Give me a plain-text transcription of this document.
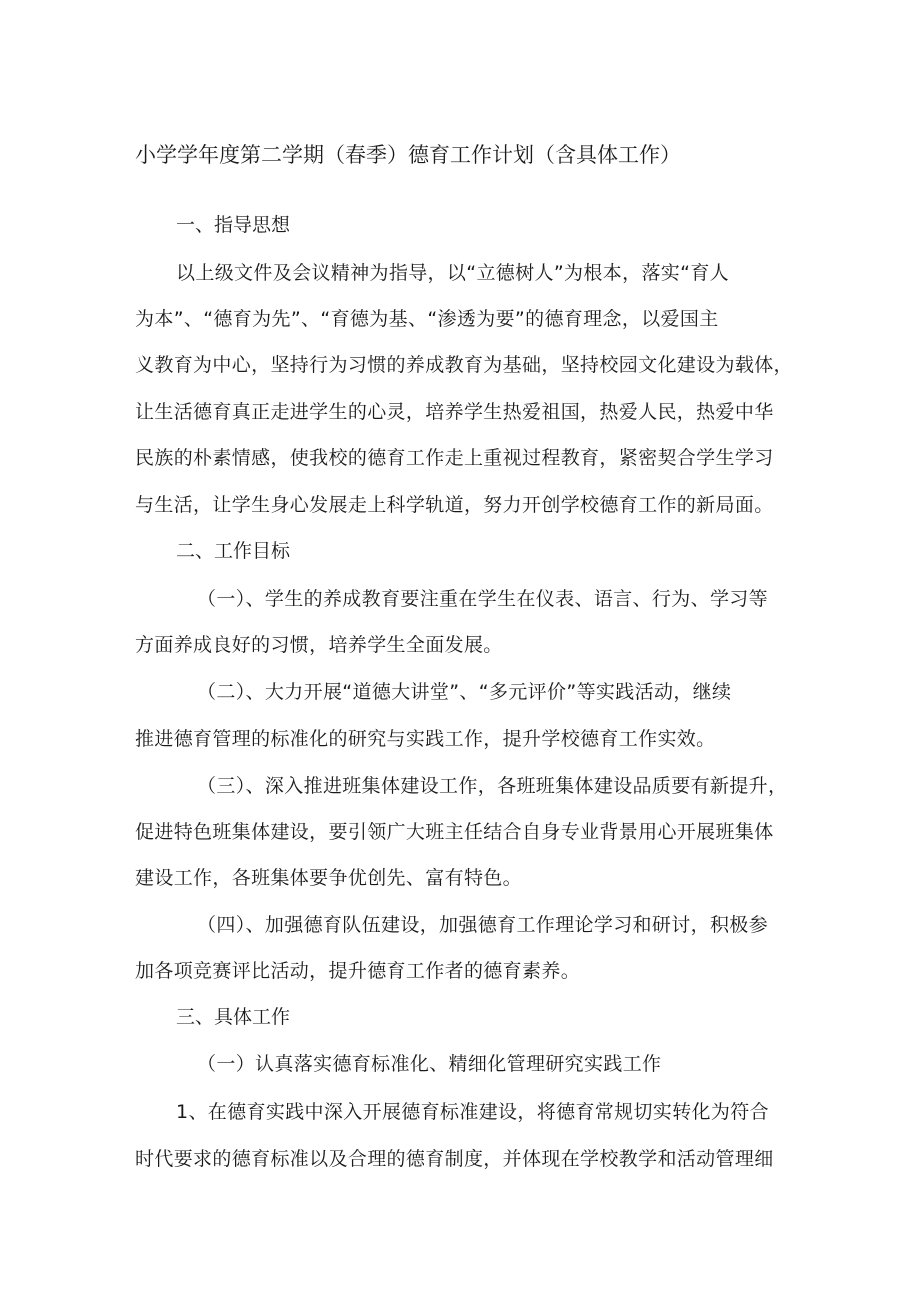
小学学年度第二学期（春季）德育工作计划（含具体工作）
一、指导思想
以上级文件及会议精神为指导，以“立德树人”为根本，落实“育人
为本”、“德育为先”、“育德为基、“渗透为要”的德育理念，以爱国主
义教育为中心，坚持行为习惯的养成教育为基础，坚持校园文化建设为载体，
让生活德育真正走进学生的心灵，培养学生热爱祖国，热爱人民，热爱中华
民族的朴素情感，使我校的德育工作走上重视过程教育，紧密契合学生学习
与生活，让学生身心发展走上科学轨道，努力开创学校德育工作的新局面。
二、工作目标
（一）、学生的养成教育要注重在学生在仪表、语言、行为、学习等
方面养成良好的习惯，培养学生全面发展。
（二）、大力开展“道德大讲堂”、“多元评价”等实践活动，继续
推进德育管理的标准化的研究与实践工作，提升学校德育工作实效。
（三）、深入推进班集体建设工作，各班班集体建设品质要有新提升，
促进特色班集体建设，要引领广大班主任结合自身专业背景用心开展班集体
建设工作，各班集体要争优创先、富有特色。
（四）、加强德育队伍建设，加强德育工作理论学习和研讨，积极参
加各项竞赛评比活动，提升德育工作者的德育素养。
三、具体工作
（一）认真落实德育标准化、精细化管理研究实践工作
1、在德育实践中深入开展德育标准建设，将德育常规切实转化为符合
时代要求的德育标准以及合理的德育制度，并体现在学校教学和活动管理细
